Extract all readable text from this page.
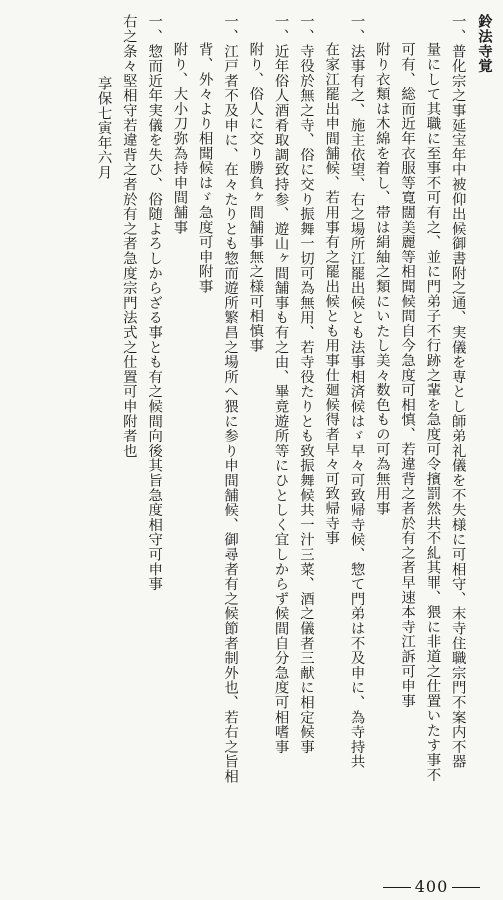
鈴法寺覚

一、普化宗之事延宝年中被仰出候御書附之通、実儀を専とし師弟礼儀を不失様に可相守、末寺住職宗門不案内不器

量にして其職に至事不可有之、並に門弟子不行跡之輩を急度可令擯罰然共不糺其罪、猥に非道之仕置いたす事不

可有、総而近年衣服等寛闊美麗等相聞候間自今急度可相慎、若違背之者於有之者早速本寺江訴可申事

附り衣類は木綿を着し、帯は絹紬之類にいたし美々数色もの可為無用事

一、法事有之、施主依望、右之場所江罷出候とも法事相済候はゞ早々可致帰寺候、惣て門弟は不及申に、為寺持共

在家江罷出申間舗候、若用事有之罷出候とも用事仕廻候得者早々可致帰寺事

一、寺役於無之寺、俗に交り振舞一切可為無用、若寺役たりとも致振舞候共一汁三菜、酒之儀者三献に相定候事

一、近年俗人酒肴取調致持参、遊山ヶ間舗事も有之由、畢竟遊所等にひとしく宜しからず候間自分急度可相嗜事

附り、俗人に交り勝負ヶ間舗事無之様可相慎事

一、江戸者不及申に、在々たりとも惣而遊所繁昌之場所へ猥に参り申間舗候、御尋者有之候節者制外也、若右之旨相

背、外々より相聞候はゞ急度可申附事

附り、大小刀弥為持申間舗事

一、惣而近年実儀を失ひ、俗随よろしからざる事とも有之候間向後其旨急度相守可申事

右之条々堅相守若違背之者於有之者急度宗門法式之仕置可申附者也

享保七寅年六月

400
